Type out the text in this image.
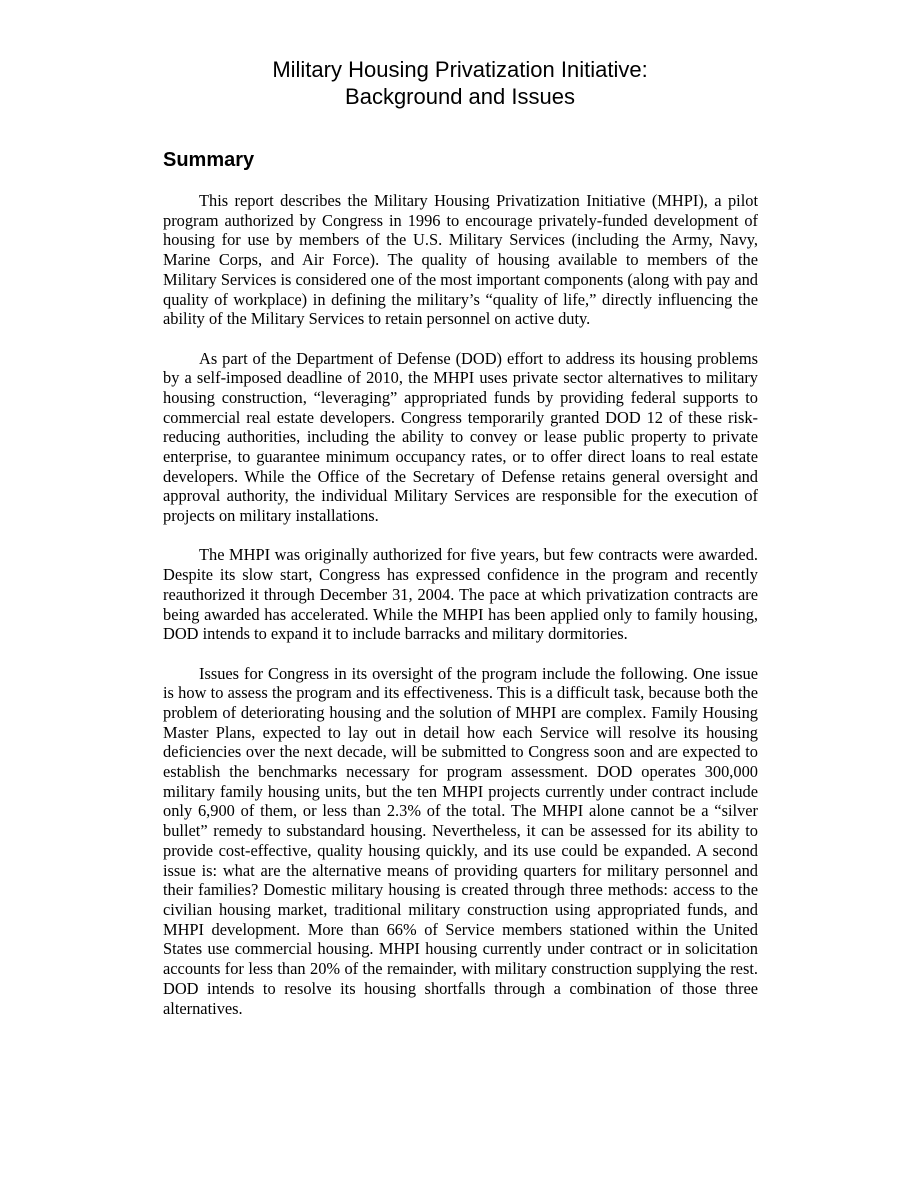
Military Housing Privatization Initiative:
Background and Issues
Summary

This report describes the Military Housing Privatization Initiative (MHPI), a pilot program authorized by Congress in 1996 to encourage privately-funded development of housing for use by members of the U.S. Military Services (including the Army, Navy, Marine Corps, and Air Force). The quality of housing available to members of the Military Services is considered one of the most important components (along with pay and quality of workplace) in defining the military’s “quality of life,” directly influencing the ability of the Military Services to retain personnel on active duty.

As part of the Department of Defense (DOD) effort to address its housing problems by a self-imposed deadline of 2010, the MHPI uses private sector alternatives to military housing construction, “leveraging” appropriated funds by providing federal supports to commercial real estate developers. Congress temporarily granted DOD 12 of these risk-reducing authorities, including the ability to convey or lease public property to private enterprise, to guarantee minimum occupancy rates, or to offer direct loans to real estate developers. While the Office of the Secretary of Defense retains general oversight and approval authority, the individual Military Services are responsible for the execution of projects on military installations.

The MHPI was originally authorized for five years, but few contracts were awarded. Despite its slow start, Congress has expressed confidence in the program and recently reauthorized it through December 31, 2004. The pace at which privatization contracts are being awarded has accelerated. While the MHPI has been applied only to family housing, DOD intends to expand it to include barracks and military dormitories.

Issues for Congress in its oversight of the program include the following. One issue is how to assess the program and its effectiveness. This is a difficult task, because both the problem of deteriorating housing and the solution of MHPI are complex. Family Housing Master Plans, expected to lay out in detail how each Service will resolve its housing deficiencies over the next decade, will be submitted to Congress soon and are expected to establish the benchmarks necessary for program assessment. DOD operates 300,000 military family housing units, but the ten MHPI projects currently under contract include only 6,900 of them, or less than 2.3% of the total. The MHPI alone cannot be a “silver bullet” remedy to substandard housing. Nevertheless, it can be assessed for its ability to provide cost-effective, quality housing quickly, and its use could be expanded. A second issue is: what are the alternative means of providing quarters for military personnel and their families? Domestic military housing is created through three methods: access to the civilian housing market, traditional military construction using appropriated funds, and MHPI development. More than 66% of Service members stationed within the United States use commercial housing. MHPI housing currently under contract or in solicitation accounts for less than 20% of the remainder, with military construction supplying the rest. DOD intends to resolve its housing shortfalls through a combination of those three alternatives.
